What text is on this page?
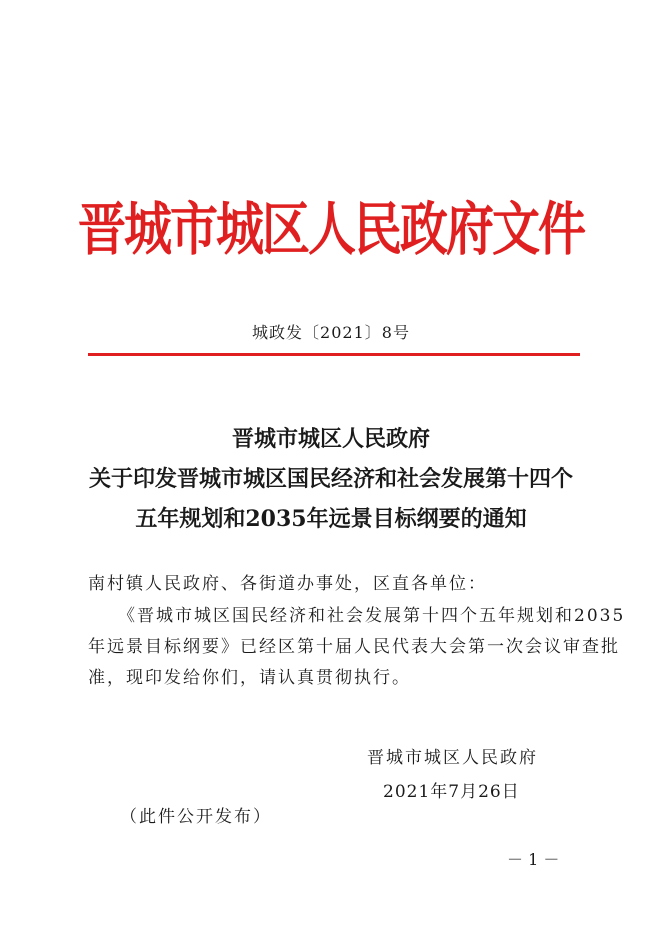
晋城市城区人民政府文件
城政发〔2021〕8号
晋城市城区人民政府
关于印发晋城市城区国民经济和社会发展第十四个
五年规划和2035年远景目标纲要的通知
南村镇人民政府、各街道办事处，区直各单位：
《晋城市城区国民经济和社会发展第十四个五年规划和2035
年远景目标纲要》已经区第十届人民代表大会第一次会议审查批
准，现印发给你们，请认真贯彻执行。
晋城市城区人民政府
2021年7月26日
（此件公开发布）
－ 1 －
